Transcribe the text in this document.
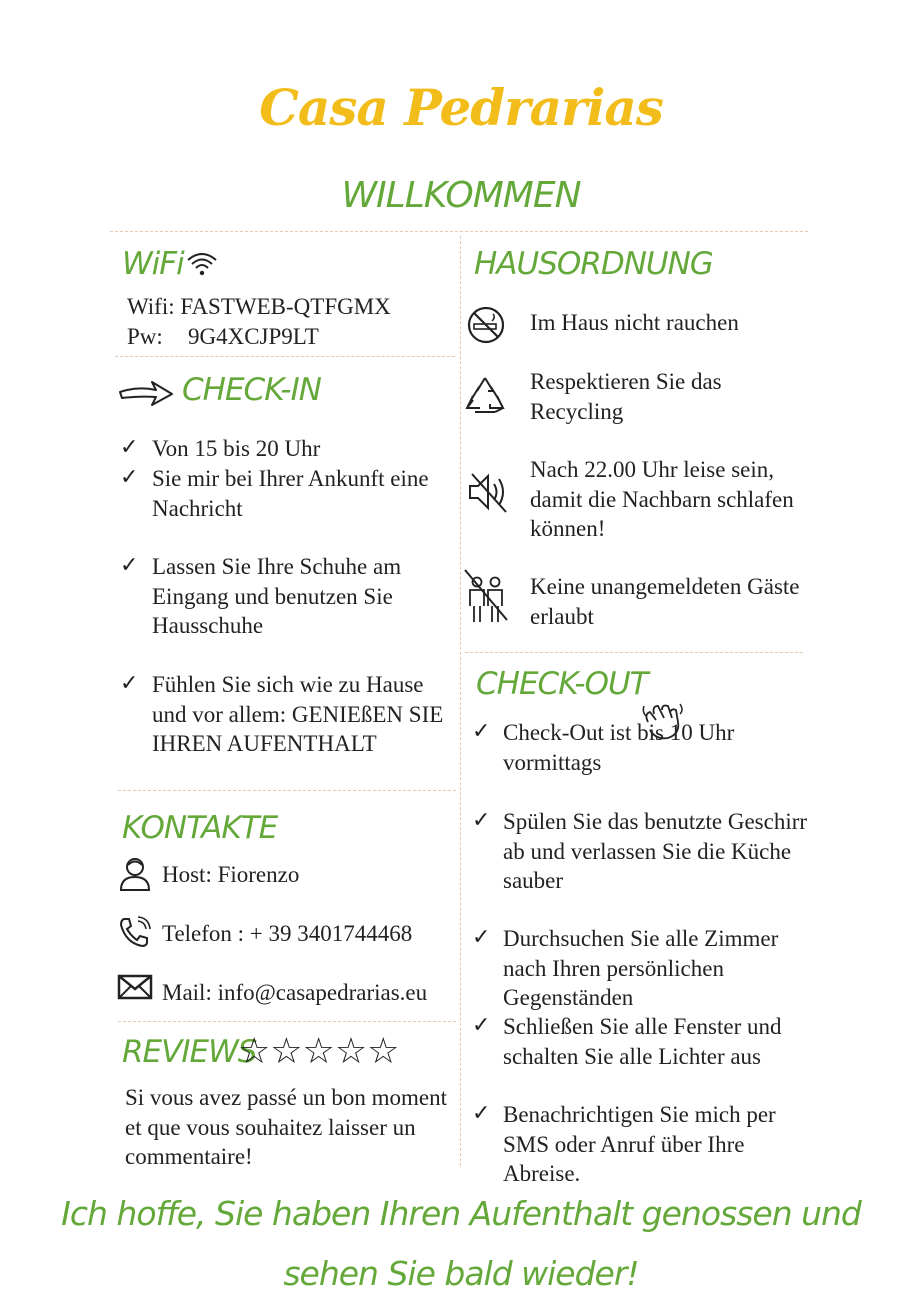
Casa Pedrarias
WILLKOMMEN
WiFi
Wifi: FASTWEB-QTFGMX
Pw: 9G4XCJP9LT
CHECK-IN
✓ Von 15 bis 20 Uhr
✓ Sie mir bei Ihrer Ankunft eine Nachricht
✓ Lassen Sie Ihre Schuhe am Eingang und benutzen Sie Hausschuhe
✓ Fühlen Sie sich wie zu Hause und vor allem: GENIEßEN SIE IHREN AUFENTHALT
KONTAKTE
Host: Fiorenzo
Telefon : + 39 3401744468
Mail: info@casapedrarias.eu
REVIEWS
☆☆☆☆☆
Si vous avez passé un bon moment et que vous souhaitez laisser un commentaire!
HAUSORDNUNG
Im Haus nicht rauchen
Respektieren Sie das Recycling
Nach 22.00 Uhr leise sein, damit die Nachbarn schlafen können!
Keine unangemeldeten Gäste erlaubt
CHECK-OUT
✓ Check-Out ist bis 10 Uhr vormittags
✓ Spülen Sie das benutzte Geschirr ab und verlassen Sie die Küche sauber
✓ Durchsuchen Sie alle Zimmer nach Ihren persönlichen Gegenständen
✓ Schließen Sie alle Fenster und schalten Sie alle Lichter aus
✓ Benachrichtigen Sie mich per SMS oder Anruf über Ihre Abreise.
Ich hoffe, Sie haben Ihren Aufenthalt genossen und
sehen Sie bald wieder!
